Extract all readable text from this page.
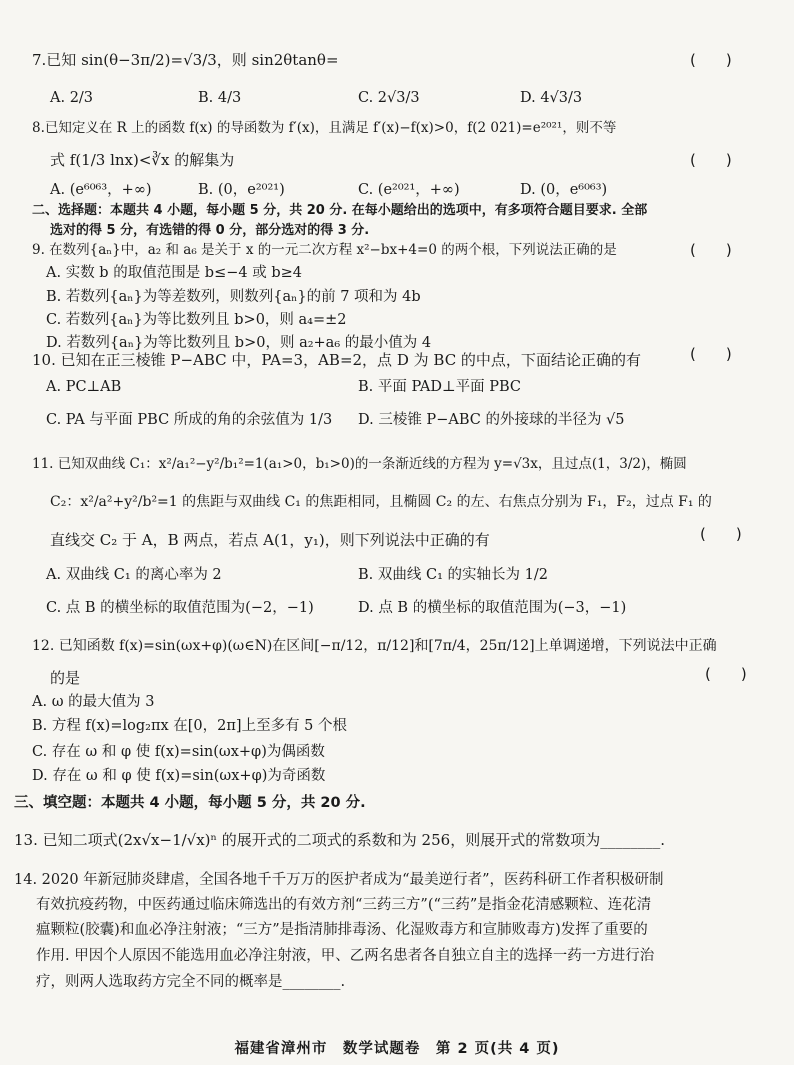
7.已知 sin(θ−3π/2)=√3/3，则 sin2θtanθ=	(　　)
A. 2/3	B. 4/3	C. 2√3/3	D. 4√3/3
8.已知定义在 R 上的函数 f(x) 的导函数为 f′(x)，且满足 f′(x)−f(x)>0，f(2 021)=e²⁰²¹，则不等
式 f(1/3 lnx)<∛x 的解集为	(　　)
A. (e⁶⁰⁶³，+∞)	B. (0，e²⁰²¹)	C. (e²⁰²¹，+∞)	D. (0，e⁶⁰⁶³)
二、选择题：本题共 4 小题，每小题 5 分，共 20 分. 在每小题给出的选项中，有多项符合题目要求. 全部
选对的得 5 分，有选错的得 0 分，部分选对的得 3 分.
9. 在数列{aₙ}中，a₂ 和 a₆ 是关于 x 的一元二次方程 x²−bx+4=0 的两个根，下列说法正确的是	(　　)
A. 实数 b 的取值范围是 b≤−4 或 b≥4
B. 若数列{aₙ}为等差数列，则数列{aₙ}的前 7 项和为 4b
C. 若数列{aₙ}为等比数列且 b>0，则 a₄=±2
D. 若数列{aₙ}为等比数列且 b>0，则 a₂+a₆ 的最小值为 4
10. 已知在正三棱锥 P−ABC 中，PA=3，AB=2，点 D 为 BC 的中点，下面结论正确的有	(　　)
A. PC⊥AB	B. 平面 PAD⊥平面 PBC
C. PA 与平面 PBC 所成的角的余弦值为 1/3 D. 三棱锥 P−ABC 的外接球的半径为 √5
11. 已知双曲线 C₁：x²/a₁²−y²/b₁²=1(a₁>0，b₁>0)的一条渐近线的方程为 y=√3x，且过点(1，3/2)，椭圆
C₂：x²/a²+y²/b²=1 的焦距与双曲线 C₁ 的焦距相同，且椭圆 C₂ 的左、右焦点分别为 F₁，F₂，过点 F₁ 的
直线交 C₂ 于 A，B 两点，若点 A(1，y₁)，则下列说法中正确的有	(　　)
A. 双曲线 C₁ 的离心率为 2	B. 双曲线 C₁ 的实轴长为 1/2
C. 点 B 的横坐标的取值范围为(−2，−1)	D. 点 B 的横坐标的取值范围为(−3，−1)
12. 已知函数 f(x)=sin(ωx+φ)(ω∈N)在区间[−π/12，π/12]和[7π/4，25π/12]上单调递增，下列说法中正确
的是	(　　)
A. ω 的最大值为 3
B. 方程 f(x)=log₂πx 在[0，2π]上至多有 5 个根
C. 存在 ω 和 φ 使 f(x)=sin(ωx+φ)为偶函数
D. 存在 ω 和 φ 使 f(x)=sin(ωx+φ)为奇函数
三、填空题：本题共 4 小题，每小题 5 分，共 20 分.
13. 已知二项式(2x√x−1/√x)ⁿ 的展开式的二项式的系数和为 256，则展开式的常数项为________.
14. 2020 年新冠肺炎肆虐，全国各地千千万万的医护者成为“最美逆行者”，医药科研工作者积极研制
有效抗疫药物，中医药通过临床筛选出的有效方剂“三药三方”(“三药”是指金花清感颗粒、连花清
瘟颗粒(胶囊)和血必净注射液；“三方”是指清肺排毒汤、化湿败毒方和宣肺败毒方)发挥了重要的
作用. 甲因个人原因不能选用血必净注射液，甲、乙两名患者各自独立自主的选择一药一方进行治
疗，则两人选取药方完全不同的概率是________.
福建省漳州市　数学试题卷　第 2 页(共 4 页)
